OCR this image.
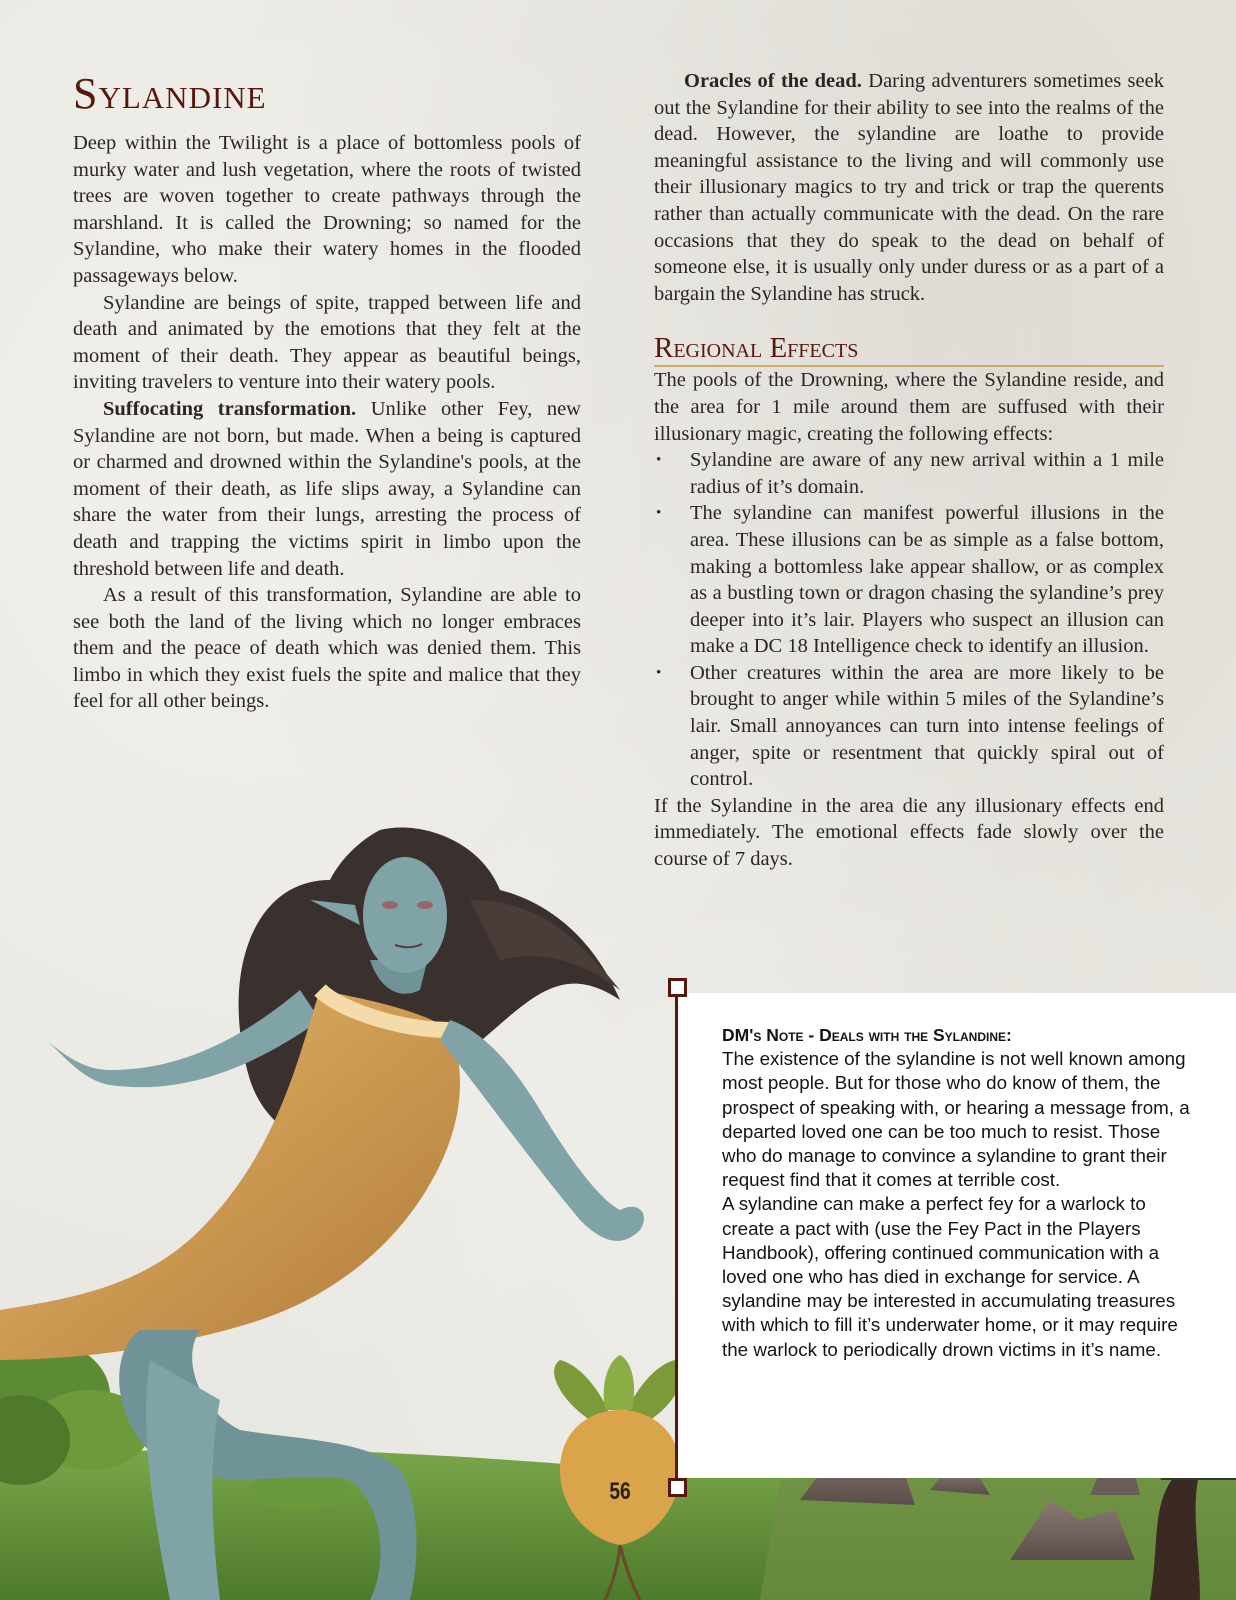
Sylandine

Deep within the Twilight is a place of bottomless pools of murky water and lush vegetation, where the roots of twisted trees are woven together to create pathways through the marshland. It is called the Drowning; so named for the Sylandine, who make their watery homes in the flooded passageways below.

Sylandine are beings of spite, trapped between life and death and animated by the emotions that they felt at the moment of their death. They appear as beautiful beings, inviting travelers to venture into their watery pools.

Suffocating transformation. Unlike other Fey, new Sylandine are not born, but made. When a being is captured or charmed and drowned within the Sylandine's pools, at the moment of their death, as life slips away, a Sylandine can share the water from their lungs, arresting the process of death and trapping the victims spirit in limbo upon the threshold between life and death.

As a result of this transformation, Sylandine are able to see both the land of the living which no longer embraces them and the peace of death which was denied them. This limbo in which they exist fuels the spite and malice that they feel for all other beings.

Oracles of the dead. Daring adventurers sometimes seek out the Sylandine for their ability to see into the realms of the dead. However, the sylandine are loathe to provide meaningful assistance to the living and will commonly use their illusionary magics to try and trick or trap the querents rather than actually communicate with the dead. On the rare occasions that they do speak to the dead on behalf of someone else, it is usually only under duress or as a part of a bargain the Sylandine has struck.

Regional Effects

The pools of the Drowning, where the Sylandine reside, and the area for 1 mile around them are suffused with their illusionary magic, creating the following effects:

• Sylandine are aware of any new arrival within a 1 mile radius of it’s domain.
• The sylandine can manifest powerful illusions in the area. These illusions can be as simple as a false bottom, making a bottomless lake appear shallow, or as complex as a bustling town or dragon chasing the sylandine’s prey deeper into it’s lair. Players who suspect an illusion can make a DC 18 Intelligence check to identify an illusion.
• Other creatures within the area are more likely to be brought to anger while within 5 miles of the Sylandine’s lair. Small annoyances can turn into intense feelings of anger, spite or resentment that quickly spiral out of control.

If the Sylandine in the area die any illusionary effects end immediately. The emotional effects fade slowly over the course of 7 days.

DM's Note - Deals with the Sylandine:

The existence of the sylandine is not well known among most people. But for those who do know of them, the prospect of speaking with, or hearing a message from, a departed loved one can be too much to resist. Those who do manage to convince a sylandine to grant their request find that it comes at terrible cost.

A sylandine can make a perfect fey for a warlock to create a pact with (use the Fey Pact in the Players Handbook), offering continued communication with a loved one who has died in exchange for service. A sylandine may be interested in accumulating treasures with which to fill it’s underwater home, or it may require the warlock to periodically drown victims in it’s name.

56
